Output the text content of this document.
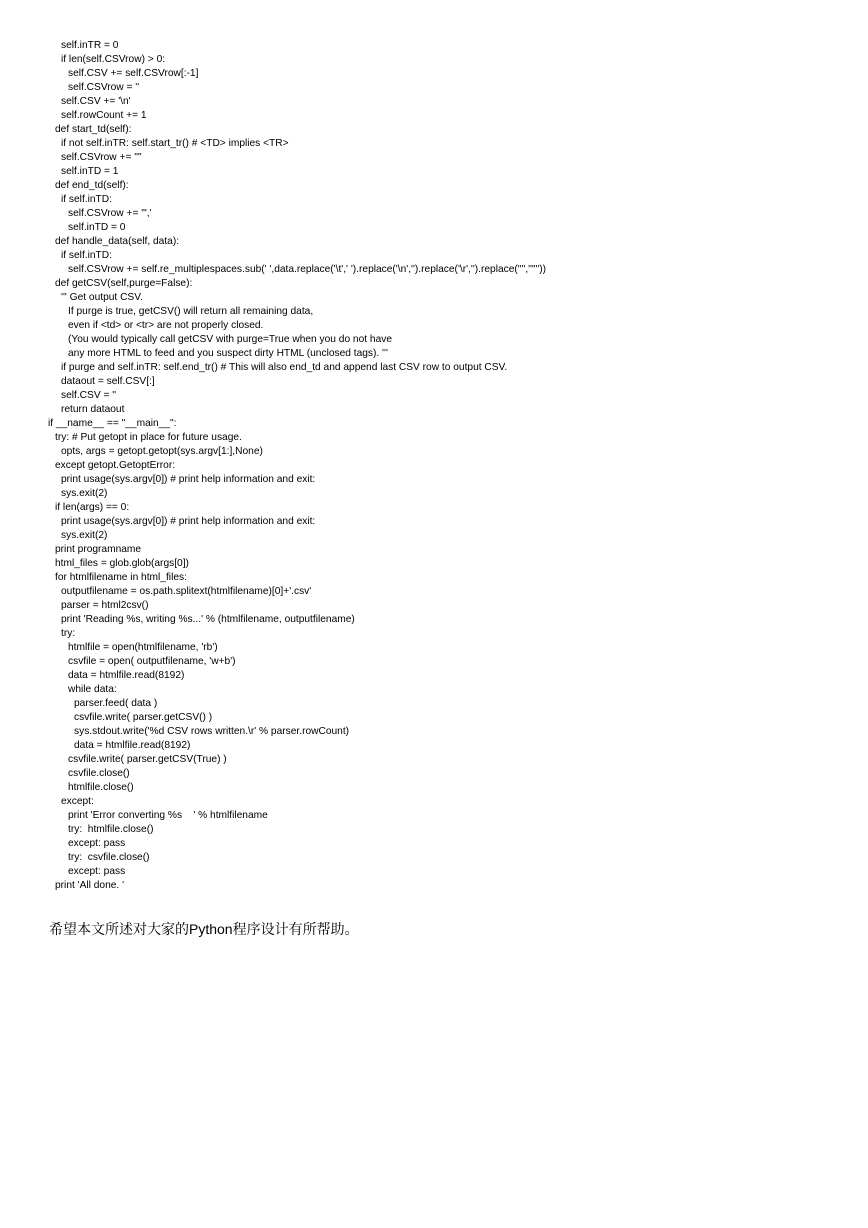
self.inTR = 0
if len(self.CSVrow) > 0:
self.CSV += self.CSVrow[:-1]
self.CSVrow = ''
self.CSV += '\n'
self.rowCount += 1
def start_td(self):
if not self.inTR: self.start_tr() # <TD> implies <TR>
self.CSVrow += '"'
self.inTD = 1
def end_td(self):
if self.inTD:
self.CSVrow += '",'
self.inTD = 0
def handle_data(self, data):
if self.inTD:
self.CSVrow += self.re_multiplespaces.sub(' ',data.replace('\t',' ').replace('\n','').replace('\r','').replace('"','""'))
def getCSV(self,purge=False):
''' Get output CSV.
If purge is true, getCSV() will return all remaining data,
even if <td> or <tr> are not properly closed.
(You would typically call getCSV with purge=True when you do not have
any more HTML to feed and you suspect dirty HTML (unclosed tags). '''
if purge and self.inTR: self.end_tr() # This will also end_td and append last CSV row to output CSV.
dataout = self.CSV[:]
self.CSV = ''
return dataout
if __name__ == "__main__":
try: # Put getopt in place for future usage.
opts, args = getopt.getopt(sys.argv[1:],None)
except getopt.GetoptError:
print usage(sys.argv[0]) # print help information and exit:
sys.exit(2)
if len(args) == 0:
print usage(sys.argv[0]) # print help information and exit:
sys.exit(2)
print programname
html_files = glob.glob(args[0])
for htmlfilename in html_files:
outputfilename = os.path.splitext(htmlfilename)[0]+'.csv'
parser = html2csv()
print 'Reading %s, writing %s...' % (htmlfilename, outputfilename)
try:
htmlfile = open(htmlfilename, 'rb')
csvfile = open( outputfilename, 'w+b')
data = htmlfile.read(8192)
while data:
parser.feed( data )
csvfile.write( parser.getCSV() )
sys.stdout.write('%d CSV rows written.\r' % parser.rowCount)
data = htmlfile.read(8192)
csvfile.write( parser.getCSV(True) )
csvfile.close()
htmlfile.close()
except:
print 'Error converting %s    ' % htmlfilename
try:  htmlfile.close()
except: pass
try:  csvfile.close()
except: pass
print 'All done. '

希望本文所述对大家的Python程序设计有所帮助。
